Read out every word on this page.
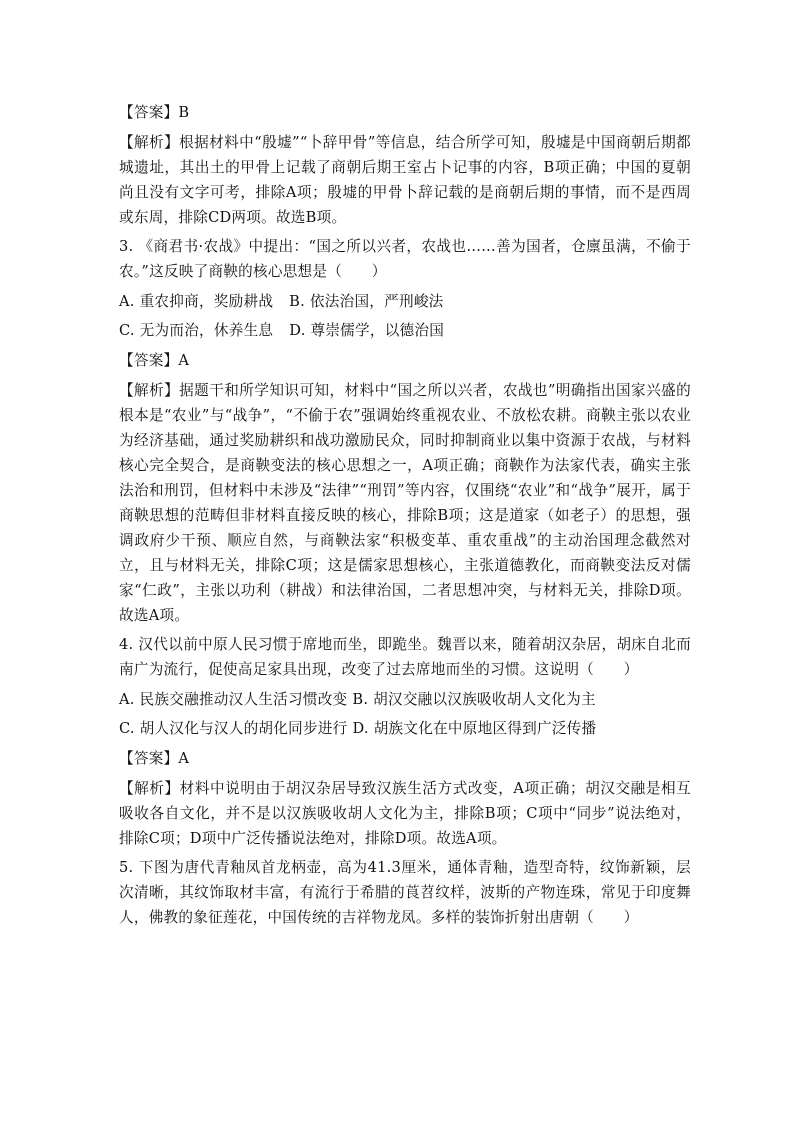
【答案】B

【解析】根据材料中“殷墟”“卜辞甲骨”等信息，结合所学可知，殷墟是中国商朝后期都城遗址，其出土的甲骨上记载了商朝后期王室占卜记事的内容，B项正确；中国的夏朝尚且没有文字可考，排除A项；殷墟的甲骨卜辞记载的是商朝后期的事情，而不是西周或东周，排除CD两项。故选B项。

3. 《商君书·农战》中提出：“国之所以兴者，农战也……善为国者，仓廪虽满，不偷于农。”这反映了商鞅的核心思想是（　　）

A. 重农抑商，奖励耕战 B. 依法治国，严刑峻法
C. 无为而治，休养生息 D. 尊崇儒学，以德治国

【答案】A

【解析】据题干和所学知识可知，材料中“国之所以兴者，农战也”明确指出国家兴盛的根本是“农业”与“战争”，“不偷于农”强调始终重视农业、不放松农耕。商鞅主张以农业为经济基础，通过奖励耕织和战功激励民众，同时抑制商业以集中资源于农战，与材料核心完全契合，是商鞅变法的核心思想之一，A项正确；商鞅作为法家代表，确实主张法治和刑罚，但材料中未涉及“法律”“刑罚”等内容，仅围绕“农业”和“战争”展开，属于商鞅思想的范畴但非材料直接反映的核心，排除B项；这是道家（如老子）的思想，强调政府少干预、顺应自然，与商鞅法家“积极变革、重农重战”的主动治国理念截然对立，且与材料无关，排除C项；这是儒家思想核心，主张道德教化，而商鞅变法反对儒家“仁政”，主张以功利（耕战）和法律治国，二者思想冲突，与材料无关，排除D项。故选A项。

4. 汉代以前中原人民习惯于席地而坐，即跪坐。魏晋以来，随着胡汉杂居，胡床自北而南广为流行，促使高足家具出现，改变了过去席地而坐的习惯。这说明（　　）

A. 民族交融推动汉人生活习惯改变 B. 胡汉交融以汉族吸收胡人文化为主
C. 胡人汉化与汉人的胡化同步进行 D. 胡族文化在中原地区得到广泛传播

【答案】A

【解析】材料中说明由于胡汉杂居导致汉族生活方式改变，A项正确；胡汉交融是相互吸收各自文化，并不是以汉族吸收胡人文化为主，排除B项；C项中“同步”说法绝对，排除C项；D项中广泛传播说法绝对，排除D项。故选A项。

5. 下图为唐代青釉凤首龙柄壶，高为41.3厘米，通体青釉，造型奇特，纹饰新颖，层次清晰，其纹饰取材丰富，有流行于希腊的莨苕纹样，波斯的产物连珠，常见于印度舞人，佛教的象征莲花，中国传统的吉祥物龙凤。多样的装饰折射出唐朝（　　）
